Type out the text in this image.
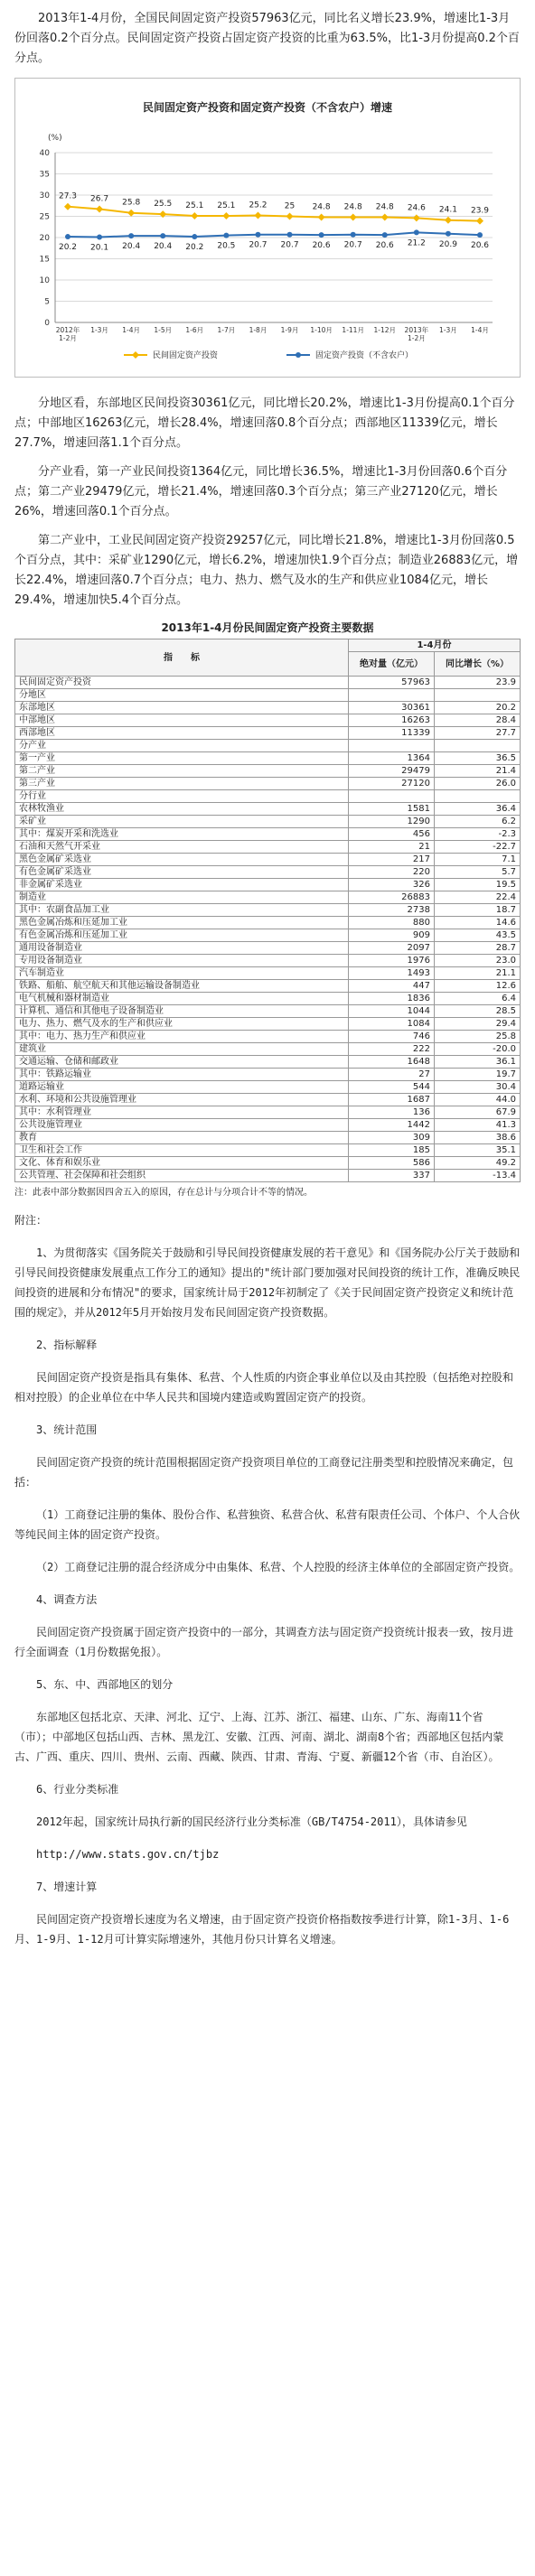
2013年1-4月份，全国民间固定资产投资57963亿元，同比名义增长23.9%，增速比1-3月份回落0.2个百分点。民间固定资产投资占固定资产投资的比重为63.5%，比1-3月份提高0.2个百分点。

民间固定资产投资和固定资产投资（不含农户）增速
(%)
0
5
10
15
20
25
30
35
40
2012年
1-2月
1-3月 1-4月 1-5月 1-6月 1-7月 1-8月 1-9月 1-10月 1-11月 1-12月 2013年
1-2月
1-3月 1-4月
27.3 26.7 25.8 25.5 25.1 25.1 25.2 25 24.8 24.8 24.8 24.6 24.1 23.9
20.2 20.1 20.4 20.4 20.2 20.5 20.7 20.7 20.6 20.7 20.6 21.2 20.9 20.6
民间固定资产投资	固定资产投资（不含农户）

分地区看，东部地区民间投资30361亿元，同比增长20.2%，增速比1-3月份提高0.1个百分点；中部地区16263亿元，增长28.4%，增速回落0.8个百分点；西部地区11339亿元，增长27.7%，增速回落1.1个百分点。

分产业看，第一产业民间投资1364亿元，同比增长36.5%，增速比1-3月份回落0.6个百分点；第二产业29479亿元，增长21.4%，增速回落0.3个百分点；第三产业27120亿元，增长26%，增速回落0.1个百分点。

第二产业中，工业民间固定资产投资29257亿元，同比增长21.8%，增速比1-3月份回落0.5个百分点，其中：采矿业1290亿元，增长6.2%，增速加快1.9个百分点；制造业26883亿元，增长22.4%，增速回落0.7个百分点；电力、热力、燃气及水的生产和供应业1084亿元，增长29.4%，增速加快5.4个百分点。

2013年1-4月份民间固定资产投资主要数据
指　　标	1-4月份	
	绝对量（亿元）	同比增长（%）
民间固定资产投资	57963	23.9
分地区		
东部地区	30361	20.2
中部地区	16263	28.4
西部地区	11339	27.7
分产业		
第一产业	1364	36.5
第二产业	29479	21.4
第三产业	27120	26.0
分行业		
农林牧渔业	1581	36.4
采矿业	1290	6.2
其中：煤炭开采和洗选业	456	-2.3
石油和天然气开采业	21	-22.7
黑色金属矿采选业	217	7.1
有色金属矿采选业	220	5.7
非金属矿采选业	326	19.5
制造业	26883	22.4
其中：农副食品加工业	2738	18.7
黑色金属冶炼和压延加工业	880	14.6
有色金属冶炼和压延加工业	909	43.5
通用设备制造业	2097	28.7
专用设备制造业	1976	23.0
汽车制造业	1493	21.1
铁路、船舶、航空航天和其他运输设备制造业	447	12.6
电气机械和器材制造业	1836	6.4
计算机、通信和其他电子设备制造业	1044	28.5
电力、热力、燃气及水的生产和供应业	1084	29.4
其中：电力、热力生产和供应业	746	25.8
建筑业	222	-20.0
交通运输、仓储和邮政业	1648	36.1
其中：铁路运输业	27	19.7
道路运输业	544	30.4
水利、环境和公共设施管理业	1687	44.0
其中：水利管理业	136	67.9
公共设施管理业	1442	41.3
教育	309	38.6
卫生和社会工作	185	35.1
文化、体育和娱乐业	586	49.2
公共管理、社会保障和社会组织	337	-13.4
注：此表中部分数据因四舍五入的原因，存在总计与分项合计不等的情况。

附注：

1、为贯彻落实《国务院关于鼓励和引导民间投资健康发展的若干意见》和《国务院办公厅关于鼓励和引导民间投资健康发展重点工作分工的通知》提出的"统计部门要加强对民间投资的统计工作，准确反映民间投资的进展和分布情况"的要求，国家统计局于2012年初制定了《关于民间固定资产投资定义和统计范围的规定》，并从2012年5月开始按月发布民间固定资产投资数据。

2、指标解释

民间固定资产投资是指具有集体、私营、个人性质的内资企事业单位以及由其控股（包括绝对控股和相对控股）的企业单位在中华人民共和国境内建造或购置固定资产的投资。

3、统计范围

民间固定资产投资的统计范围根据固定资产投资项目单位的工商登记注册类型和控股情况来确定，包括：

（1）工商登记注册的集体、股份合作、私营独资、私营合伙、私营有限责任公司、个体户、个人合伙等纯民间主体的固定资产投资。

（2）工商登记注册的混合经济成分中由集体、私营、个人控股的经济主体单位的全部固定资产投资。

4、调查方法

民间固定资产投资属于固定资产投资中的一部分，其调查方法与固定资产投资统计报表一致，按月进行全面调查（1月份数据免报）。

5、东、中、西部地区的划分

东部地区包括北京、天津、河北、辽宁、上海、江苏、浙江、福建、山东、广东、海南11个省（市）；中部地区包括山西、吉林、黑龙江、安徽、江西、河南、湖北、湖南8个省；西部地区包括内蒙古、广西、重庆、四川、贵州、云南、西藏、陕西、甘肃、青海、宁夏、新疆12个省（市、自治区）。

6、行业分类标准

2012年起，国家统计局执行新的国民经济行业分类标准（GB/T4754-2011），具体请参见

http://www.stats.gov.cn/tjbz

7、增速计算

民间固定资产投资增长速度为名义增速，由于固定资产投资价格指数按季进行计算，除1-3月、1-6月、1-9月、1-12月可计算实际增速外，其他月份只计算名义增速。
